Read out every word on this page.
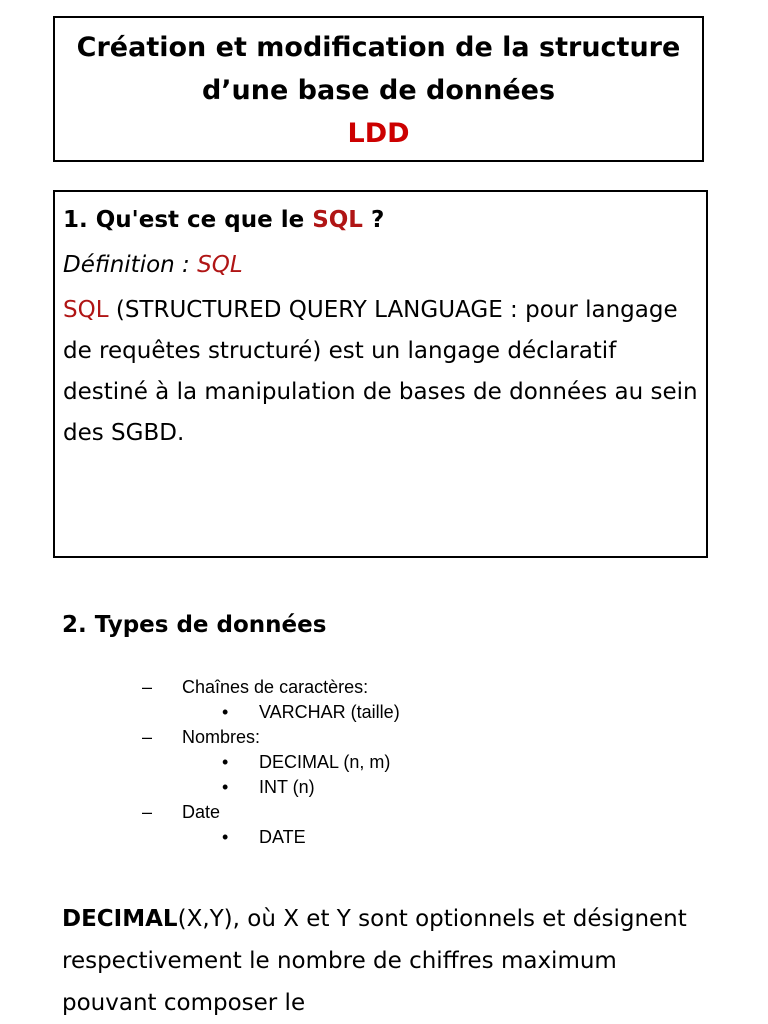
Création et modification de la structure
d’une base de données
LDD
1. Qu'est ce que le SQL ?
Définition : SQL
SQL (STRUCTURED QUERY LANGUAGE : pour langage de requêtes structuré) est un langage déclaratif destiné à la manipulation de bases de données au sein des SGBD.
2. Types de données
– Chaînes de caractères:
• VARCHAR (taille)
– Nombres:
• DECIMAL (n, m)
• INT (n)
– Date
• DATE
DECIMAL(X,Y), où X et Y sont optionnels et désignent respectivement le nombre de chiffres maximum pouvant composer le
